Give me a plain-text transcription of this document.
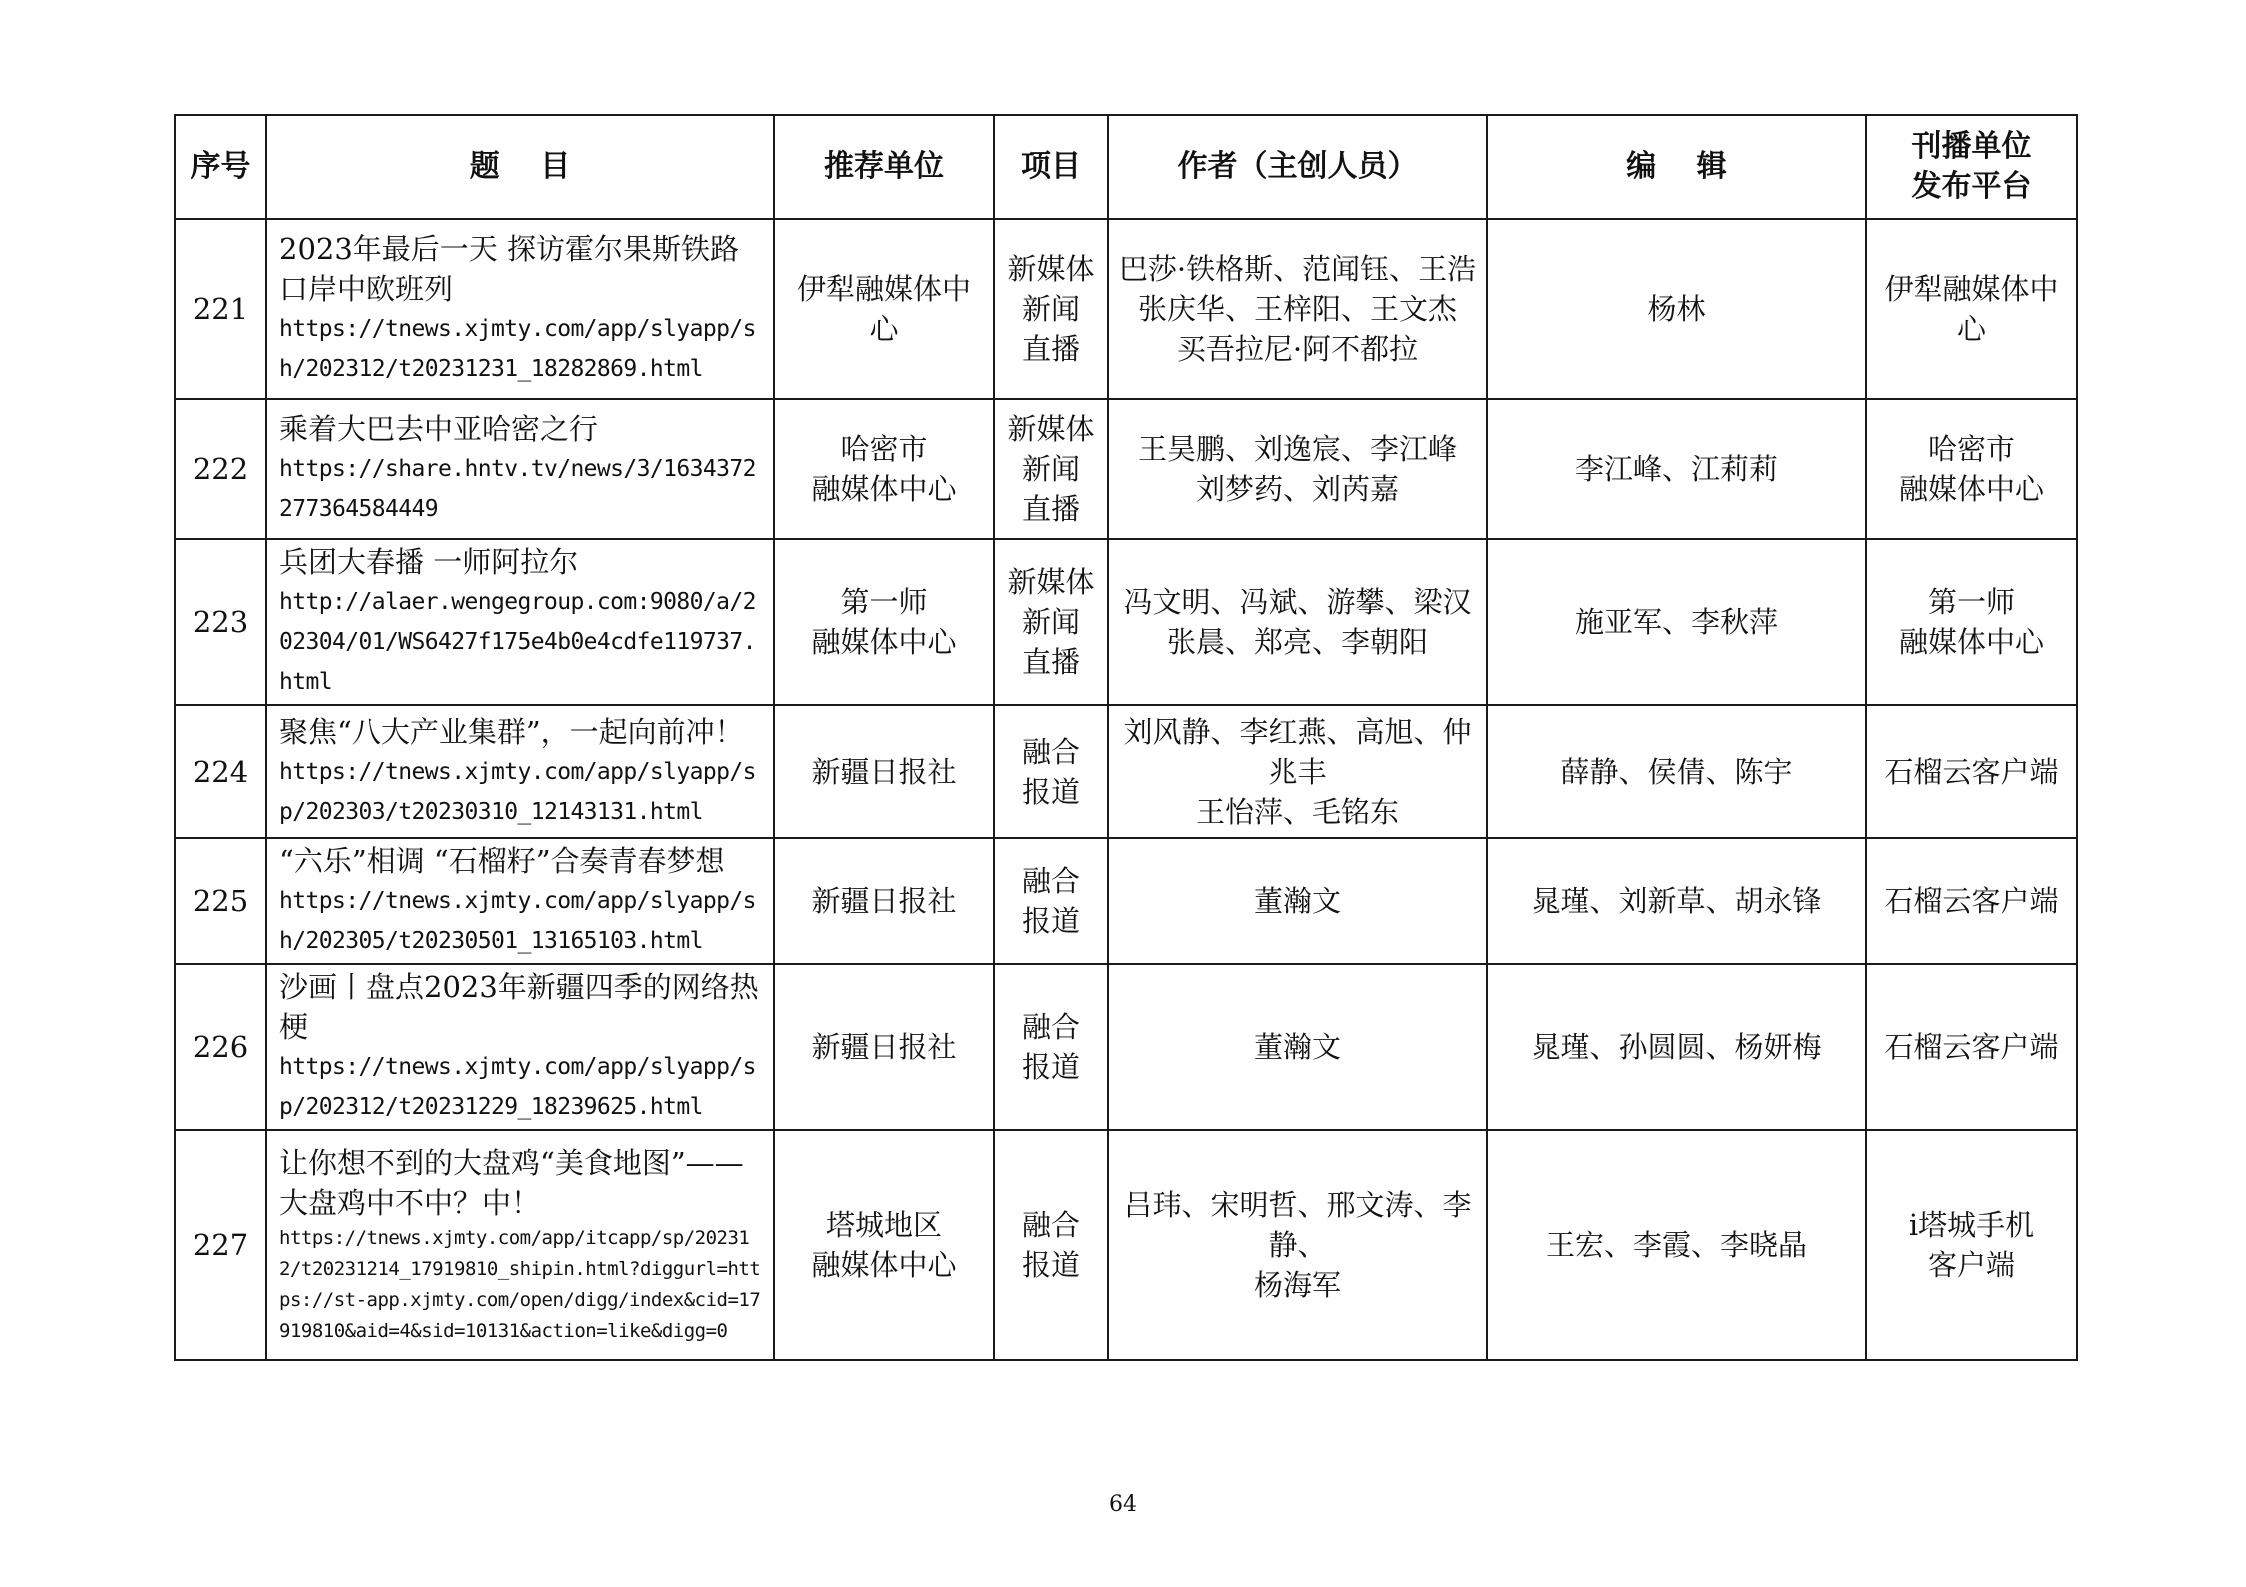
序号	题　 目	推荐单位	项目	作者（主创人员）	编　 辑	刊播单位
发布平台

221	2023年最后一天 探访霍尔果斯铁路口岸中欧班列
https://tnews.xjmty.com/app/slyapp/sh/202312/t20231231_18282869.html	伊犁融媒体中心	新媒体
新闻
直播	巴莎·铁格斯、范闻钰、王浩
张庆华、王梓阳、王文杰
买吾拉尼·阿不都拉	杨林	伊犁融媒体中心

222	乘着大巴去中亚哈密之行
https://share.hntv.tv/news/3/1634372277364584449	哈密市
融媒体中心	新媒体
新闻
直播	王昊鹏、刘逸宸、李江峰
刘梦药、刘芮嘉	李江峰、江莉莉	哈密市
融媒体中心

223	兵团大春播 一师阿拉尔
http://alaer.wengegroup.com:9080/a/202304/01/WS6427f175e4b0e4cdfe119737.html	第一师
融媒体中心	新媒体
新闻
直播	冯文明、冯斌、游攀、梁汉
张晨、郑亮、李朝阳	施亚军、李秋萍	第一师
融媒体中心

224	聚焦“八大产业集群”，一起向前冲！
https://tnews.xjmty.com/app/slyapp/sp/202303/t20230310_12143131.html	新疆日报社	融合
报道	刘风静、李红燕、高旭、仲兆丰
王怡萍、毛铭东	薛静、侯倩、陈宇	石榴云客户端

225	“六乐”相调 “石榴籽”合奏青春梦想
https://tnews.xjmty.com/app/slyapp/sh/202305/t20230501_13165103.html	新疆日报社	融合
报道	董瀚文	晁瑾、刘新草、胡永锋	石榴云客户端

226	沙画丨盘点2023年新疆四季的网络热梗
https://tnews.xjmty.com/app/slyapp/sp/202312/t20231229_18239625.html	新疆日报社	融合
报道	董瀚文	晁瑾、孙圆圆、杨妍梅	石榴云客户端

227	让你想不到的大盘鸡“美食地图”——大盘鸡中不中？中！
https://tnews.xjmty.com/app/itcapp/sp/202312/t20231214_17919810_shipin.html?diggurl=https://st-app.xjmty.com/open/digg/index&cid=17919810&aid=4&sid=10131&action=like&digg=0	塔城地区
融媒体中心	融合
报道	吕玮、宋明哲、邢文涛、李静、
杨海军	王宏、李霞、李晓晶	i塔城手机
客户端
64
